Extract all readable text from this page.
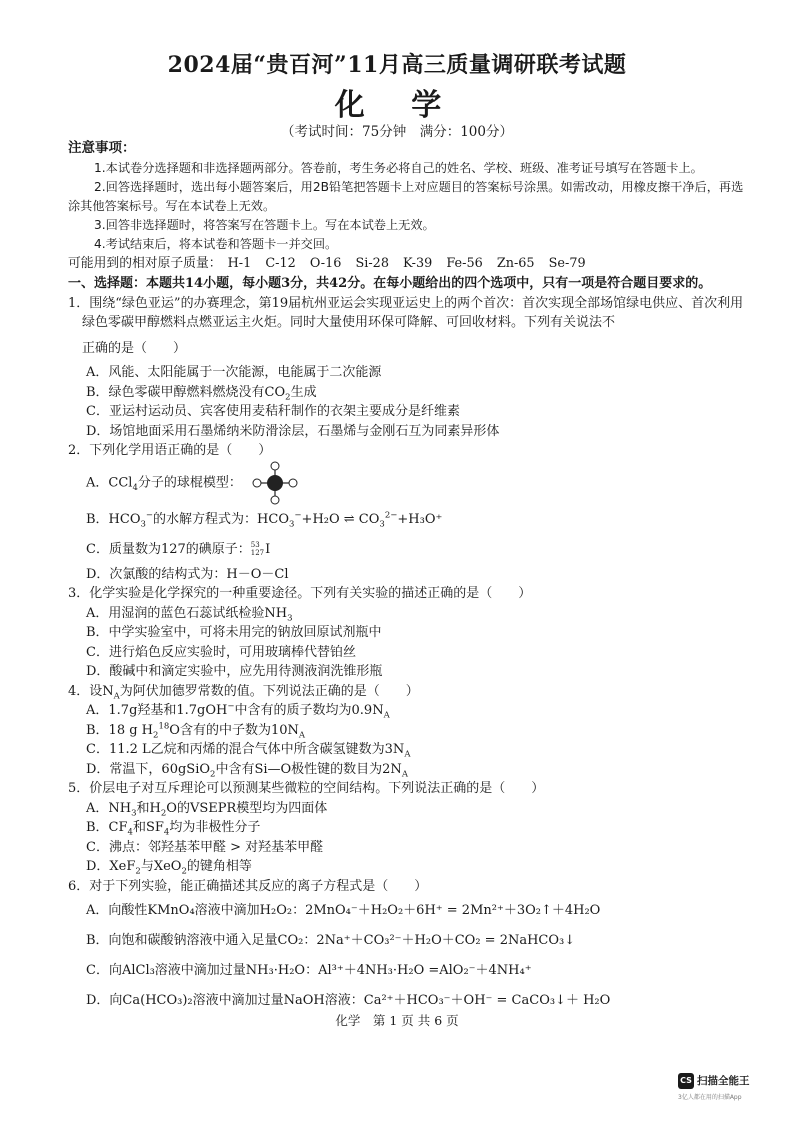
2024届“贵百河”11月高三质量调研联考试题
化 学
（考试时间：75分钟　满分：100分）
注意事项：
1.本试卷分选择题和非选择题两部分。答卷前，考生务必将自己的姓名、学校、班级、准考证号填写在答题卡上。
2.回答选择题时，选出每小题答案后，用2B铅笔把答题卡上对应题目的答案标号涂黑。如需改动，用橡皮擦干净后，再选涂其他答案标号。写在本试卷上无效。
3.回答非选择题时，将答案写在答题卡上。写在本试卷上无效。
4.考试结束后，将本试卷和答题卡一并交回。
可能用到的相对原子质量： H-1 C-12 O-16 Si-28 K-39 Fe-56 Zn-65 Se-79
一、选择题：本题共14小题，每小题3分，共42分。在每小题给出的四个选项中，只有一项是符合题目要求的。
1．围绕“绿色亚运”的办赛理念，第19届杭州亚运会实现亚运史上的两个首次：首次实现全部场馆绿电供应、首次利用绿色零碳甲醇燃料点燃亚运主火炬。同时大量使用环保可降解、可回收材料。下列有关说法不
正确的是（　　）
A．风能、太阳能属于一次能源，电能属于二次能源
B．绿色零碳甲醇燃料燃烧没有$CO_2$生成
C．亚运村运动员、宾客使用麦秸秆制作的衣架主要成分是纤维素
D．场馆地面采用石墨烯纳米防滑涂层，石墨烯与金刚石互为同素异形体
2．下列化学用语正确的是（　　）
A．CCl$_4$分子的球棍模型：
B．$HCO_3^-$的水解方程式为：$HCO_3^-+H_2O$ ⇌ $CO_3^{2-}+H_3O^+$
C．质量数为127的碘原子： 53
127 I
D．次氯酸的结构式为：H－O－Cl
3．化学实验是化学探究的一种重要途径。下列有关实验的描述正确的是（　　）
A．用湿润的蓝色石蕊试纸检验$NH_3$
B．中学实验室中，可将未用完的钠放回原试剂瓶中
C．进行焰色反应实验时，可用玻璃棒代替铂丝
D．酸碱中和滴定实验中，应先用待测液润洗锥形瓶
4．设$N_A$为阿伏加德罗常数的值。下列说法正确的是（　　）
A．1.7g羟基和1.7gOH−中含有的质子数均为$0.9N_A$
B．18 g $H_2^{18}O$含有的中子数为$10N_A$
C．11.2 L乙烷和丙烯的混合气体中所含碳氢键数为$3N_A$
D．常温下，60gSiO$_2$中含有Si—O极性键的数目为$2N_A$
5．价层电子对互斥理论可以预测某些微粒的空间结构。下列说法正确的是（　　）
A．$NH_3$和$H_2O$的VSEPR模型均为四面体
B．$CF_4$和$SF_4$均为非极性分子
C．沸点：邻羟基苯甲醛 > 对羟基苯甲醛
D．XeF$_2$与XeO$_2$的键角相等
6．对于下列实验，能正确描述其反应的离子方程式是（　　）
A．向酸性KMnO₄溶液中滴加H₂O₂：2MnO₄⁻＋H₂O₂＋6H⁺ = 2Mn²⁺＋3O₂↑＋4H₂O
B．向饱和碳酸钠溶液中通入足量CO₂：2Na⁺＋CO₃²⁻＋H₂O＋CO₂ = 2NaHCO₃↓
C．向AlCl₃溶液中滴加过量NH₃·H₂O：Al³⁺＋4NH₃·H₂O =AlO₂⁻＋4NH₄⁺
D．向Ca(HCO₃)₂溶液中滴加过量NaOH溶液：Ca²⁺＋HCO₃⁻＋OH⁻ = CaCO₃↓＋ H₂O
化学　第 1 页 共 6 页
CS 扫描全能王
3亿人都在用的扫描App
